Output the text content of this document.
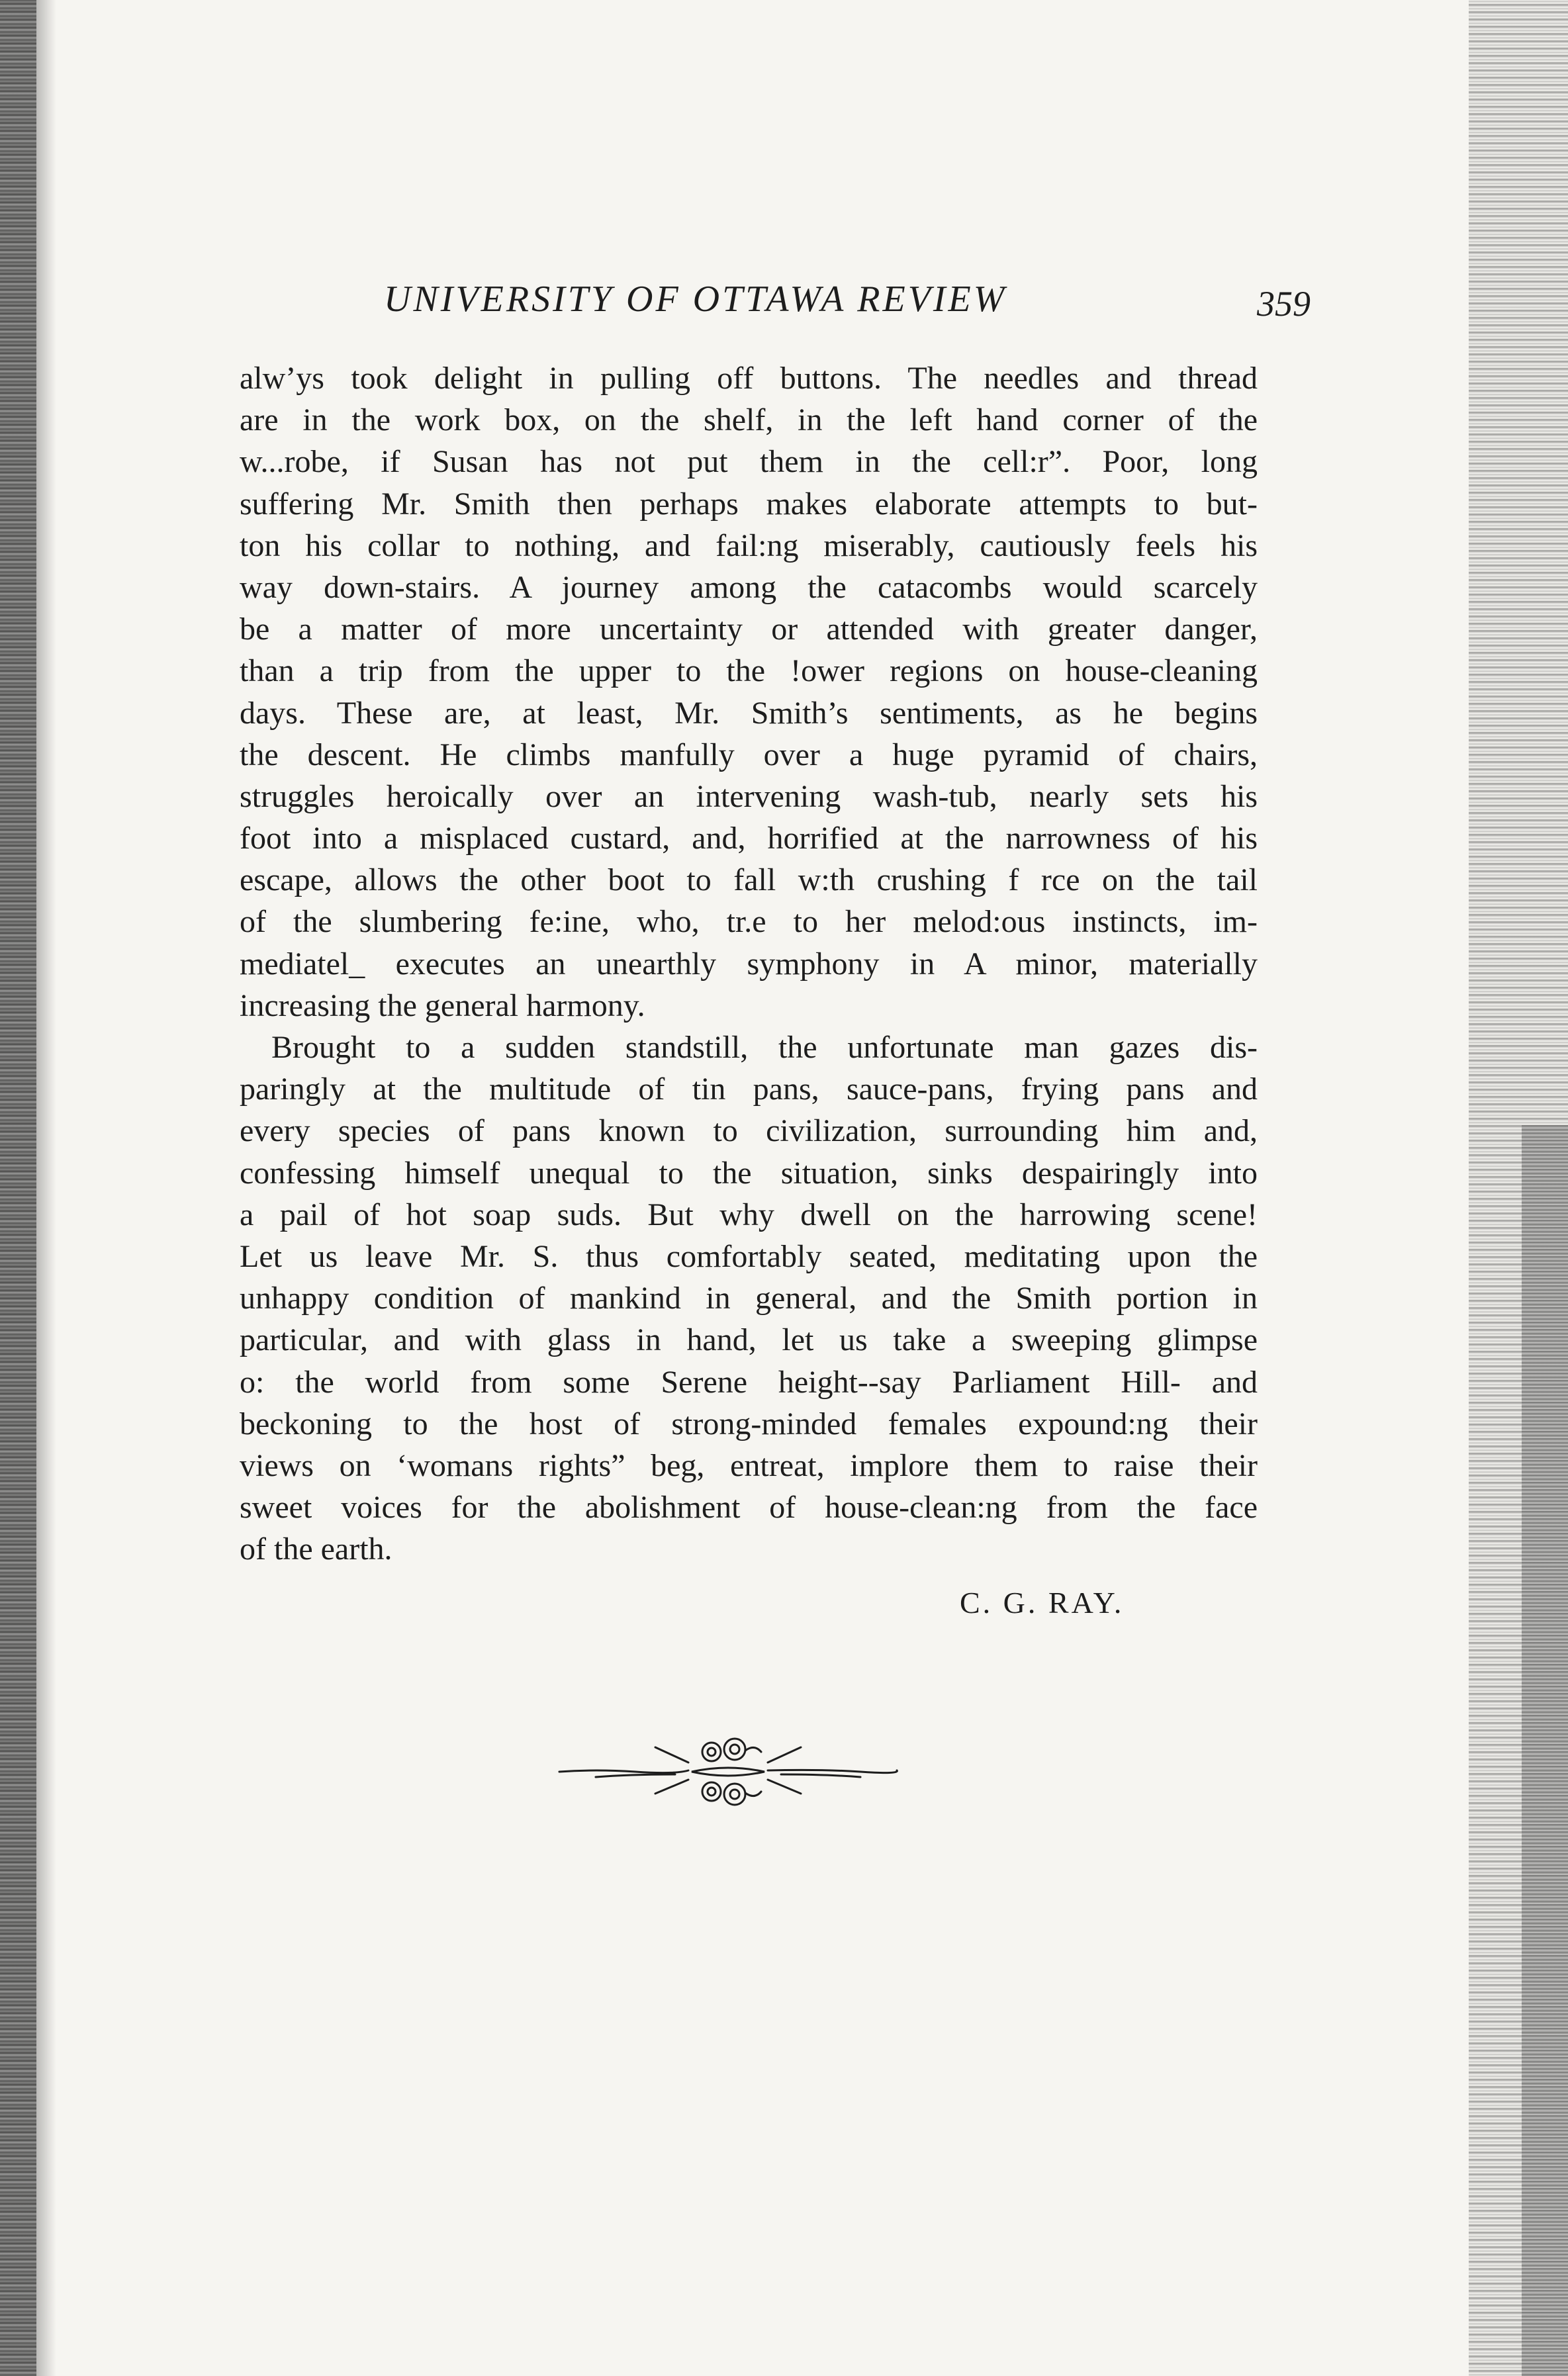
UNIVERSITY OF OTTAWA REVIEW	359
alw’ys took delight in pulling off buttons. The needles and thread
are in the work box, on the shelf, in the left hand corner of the
w...robe, if Susan has not put them in the cell:r”. Poor, long
suffering Mr. Smith then perhaps makes elaborate attempts to but-
ton his collar to nothing, and fail:ng miserably, cautiously feels his
way down-stairs. A journey among the catacombs would scarcely
be a matter of more uncertainty or attended with greater danger,
than a trip from the upper to the !ower regions on house-cleaning
days. These are, at least, Mr. Smith’s sentiments, as he begins
the descent. He climbs manfully over a huge pyramid of chairs,
struggles heroically over an intervening wash-tub, nearly sets his
foot into a misplaced custard, and, horrified at the narrowness of his
escape, allows the other boot to fall w:th crushing f rce on the tail
of the slumbering fe:ine, who, tr.e to her melod:ous instincts, im-
mediatel_ executes an unearthly symphony in A minor, materially
increasing the general harmony.
Brought to a sudden standstill, the unfortunate man gazes dis-
paringly at the multitude of tin pans, sauce-pans, frying pans and
every species of pans known to civilization, surrounding him and,
confessing himself unequal to the situation, sinks despairingly into
a pail of hot soap suds. But why dwell on the harrowing scene!
Let us leave Mr. S. thus comfortably seated, meditating upon the
unhappy condition of mankind in general, and the Smith portion in
particular, and with glass in hand, let us take a sweeping glimpse
o: the world from some Serene height--say Parliament Hill- and
beckoning to the host of strong-minded females expound:ng their
views on ‘womans rights” beg, entreat, implore them to raise their
sweet voices for the abolishment of house-clean:ng from the face
of the earth.
C. G. RAY.
